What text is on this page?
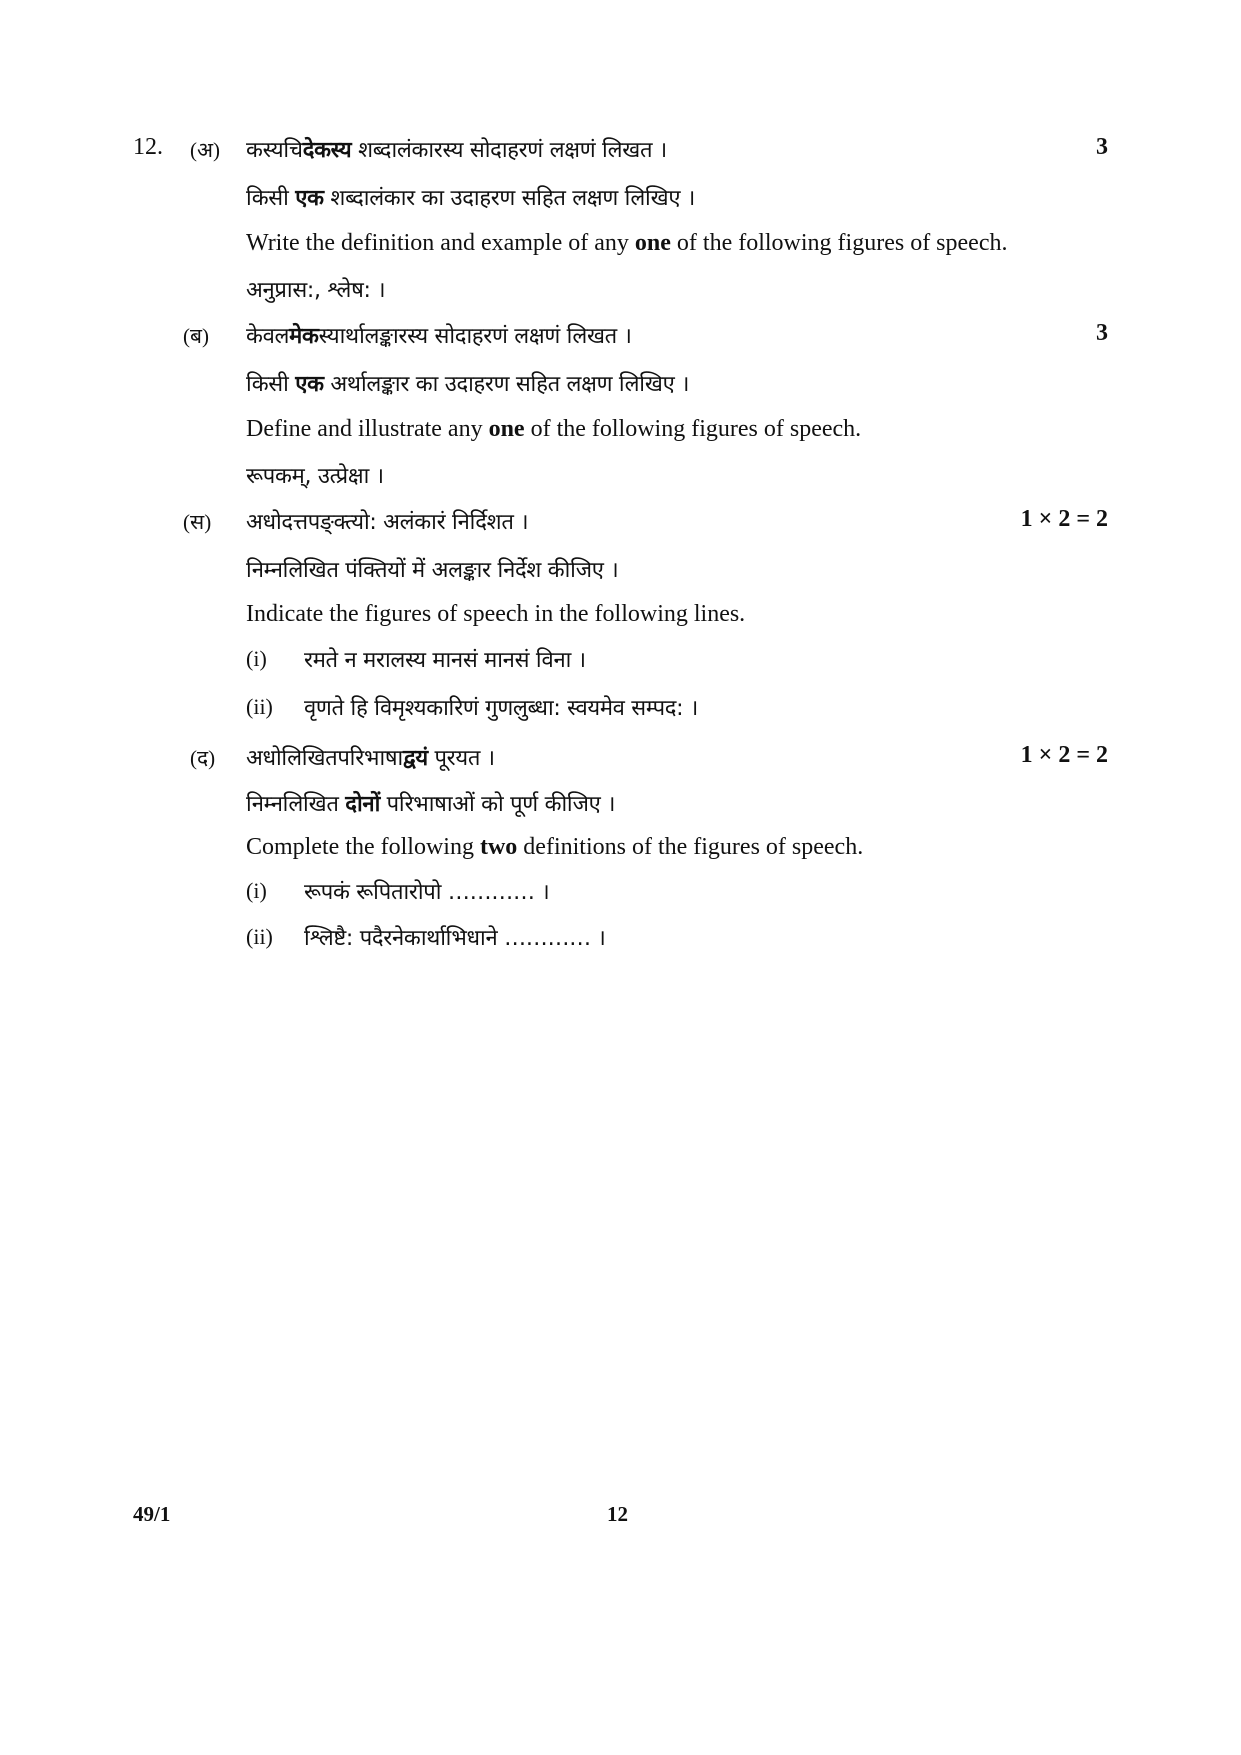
12. (अ) कस्यचिदेकस्य शब्दालंकारस्य सोदाहरणं लक्षणं लिखत ।	3
किसी एक शब्दालंकार का उदाहरण सहित लक्षण लिखिए ।
Write the definition and example of any one of the following figures of speech.
अनुप्रास:, श्लेष: ।
(ब) केवलमेकस्यार्थालङ्कारस्य सोदाहरणं लक्षणं लिखत ।	3
किसी एक अर्थालङ्कार का उदाहरण सहित लक्षण लिखिए ।
Define and illustrate any one of the following figures of speech.
रूपकम्, उत्प्रेक्षा ।
(स) अधोदत्तपङ्क्त्यो: अलंकारं निर्दिशत ।	1 × 2 = 2
निम्नलिखित पंक्तियों में अलङ्कार निर्देश कीजिए ।
Indicate the figures of speech in the following lines.
(i) रमते न मरालस्य मानसं मानसं विना ।
(ii) वृणते हि विमृश्यकारिणं गुणलुब्धा: स्वयमेव सम्पद: ।
(द) अधोलिखितपरिभाषाद्वयं पूरयत ।	1 × 2 = 2
निम्नलिखित दोनों परिभाषाओं को पूर्ण कीजिए ।
Complete the following two definitions of the figures of speech.
(i) रूपकं रूपितारोपो ………… ।
(ii) श्लिष्टै: पदैरनेकार्थाभिधाने ………… ।
49/1	12
